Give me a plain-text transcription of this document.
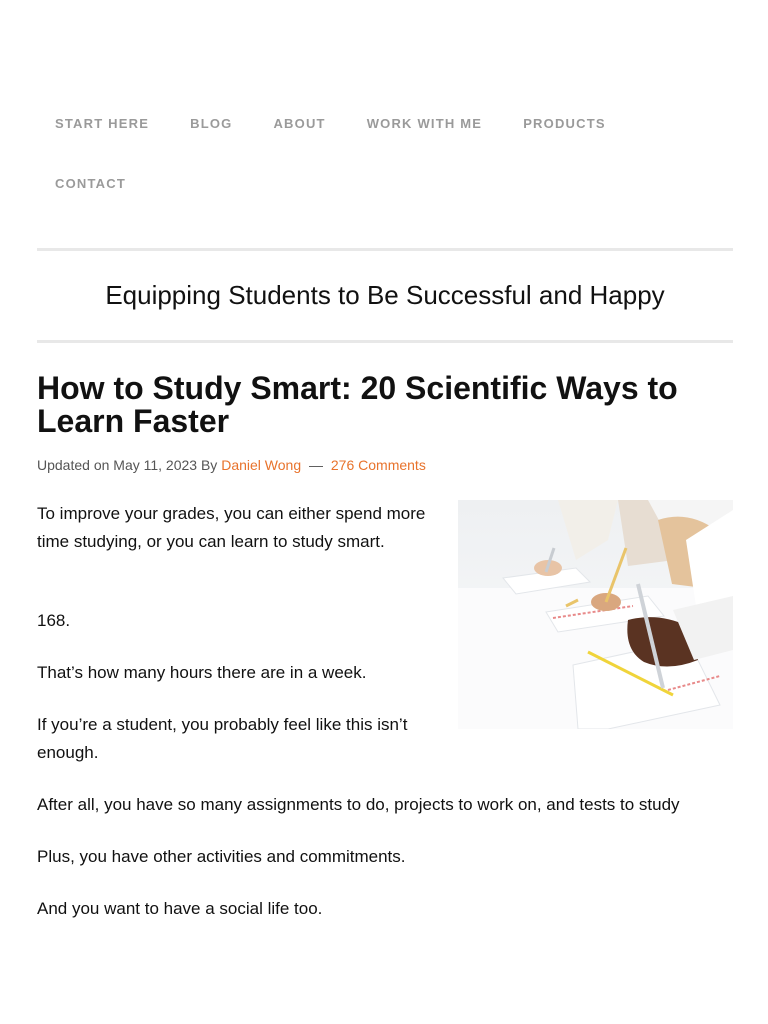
START HERE	BLOG	ABOUT	WORK WITH ME	PRODUCTS
CONTACT
Equipping Students to Be Successful and Happy
How to Study Smart: 20 Scientific Ways to Learn Faster
Updated on May 11, 2023 By Daniel Wong — 276 Comments

To improve your grades, you can either spend more time studying, or you can learn to study smart.

168.

That’s how many hours there are in a week.

If you’re a student, you probably feel like this isn’t enough.

After all, you have so many assignments to do, projects to work on, and tests to study

Plus, you have other activities and commitments.

And you want to have a social life too.
